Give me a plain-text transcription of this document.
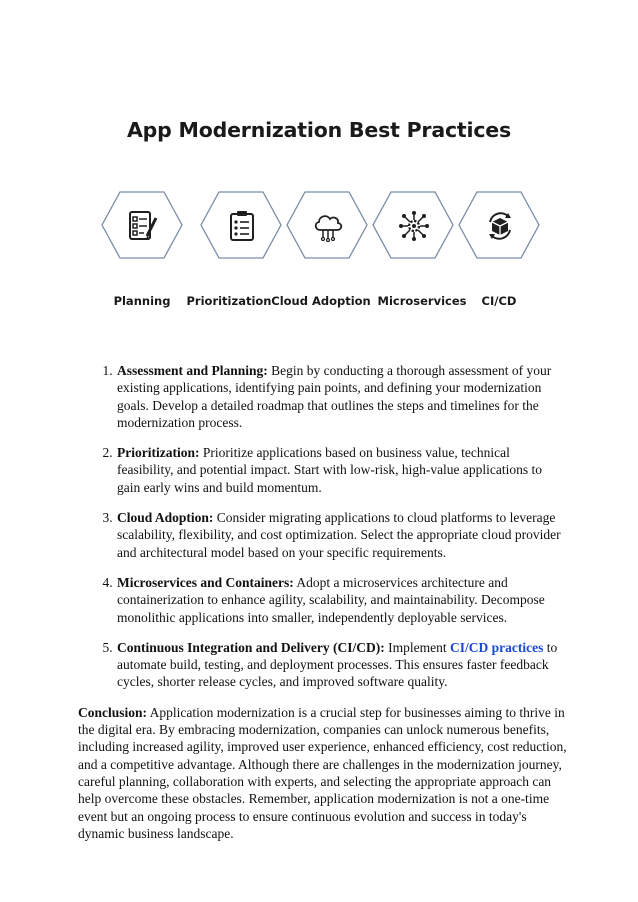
App Modernization Best Practices
Planning	Prioritization Cloud Adoption Microservices	CI/CD
1. Assessment and Planning: Begin by conducting a thorough assessment of your existing applications, identifying pain points, and defining your modernization goals. Develop a detailed roadmap that outlines the steps and timelines for the modernization process.
2. Prioritization: Prioritize applications based on business value, technical feasibility, and potential impact. Start with low-risk, high-value applications to gain early wins and build momentum.
3. Cloud Adoption: Consider migrating applications to cloud platforms to leverage scalability, flexibility, and cost optimization. Select the appropriate cloud provider and architectural model based on your specific requirements.
4. Microservices and Containers: Adopt a microservices architecture and containerization to enhance agility, scalability, and maintainability. Decompose monolithic applications into smaller, independently deployable services.
5. Continuous Integration and Delivery (CI/CD): Implement CI/CD practices to automate build, testing, and deployment processes. This ensures faster feedback cycles, shorter release cycles, and improved software quality.

Conclusion: Application modernization is a crucial step for businesses aiming to thrive in the digital era. By embracing modernization, companies can unlock numerous benefits, including increased agility, improved user experience, enhanced efficiency, cost reduction, and a competitive advantage. Although there are challenges in the modernization journey, careful planning, collaboration with experts, and selecting the appropriate approach can help overcome these obstacles. Remember, application modernization is not a one-time event but an ongoing process to ensure continuous evolution and success in today's dynamic business landscape.
